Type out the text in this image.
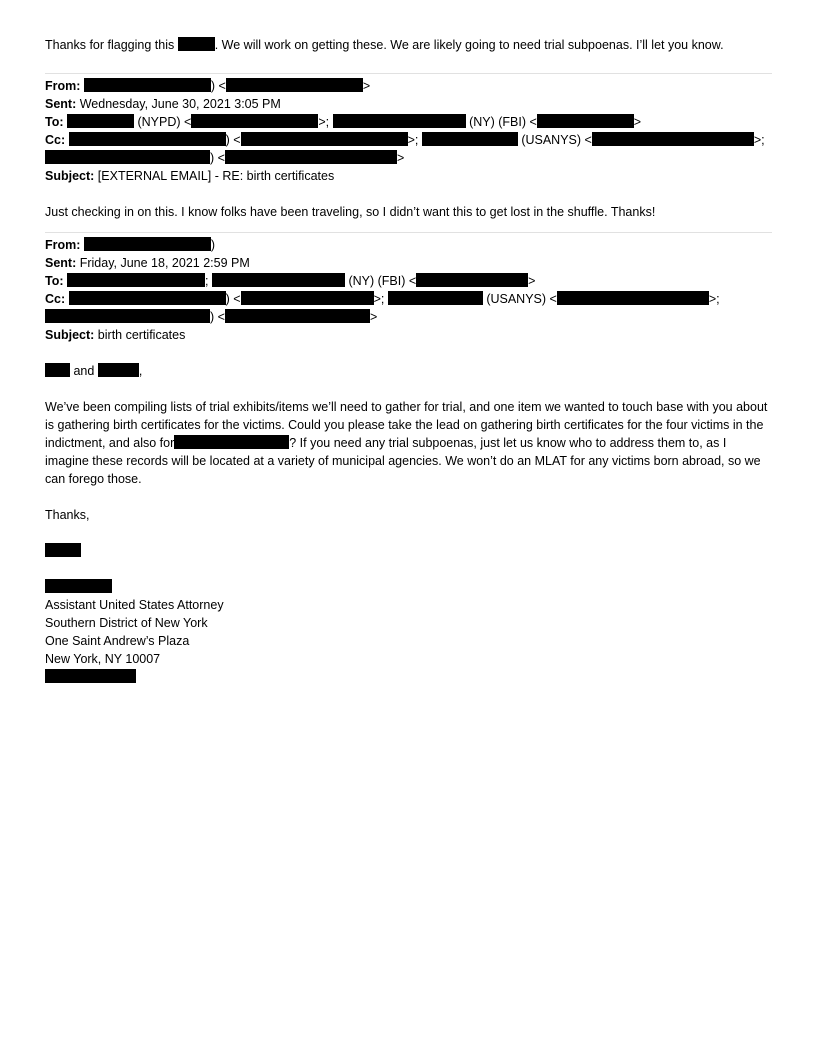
Thanks for flagging this	. We will work on getting these. We are likely going to need trial subpoenas. I’ll let you know.
From:	) <	>
Sent: Wednesday, June 30, 2021 3:05 PM
To:	(NYPD) <	>;	(NY) (FBI) <	>
Cc:	) <	>;	(USANYS) <	>;
) <	>
Subject: [EXTERNAL EMAIL] - RE: birth certificates
Just checking in on this. I know folks have been traveling, so I didn’t want this to get lost in the shuffle. Thanks!
From:	)
Sent: Friday, June 18, 2021 2:59 PM
To:	;	(NY) (FBI) <	>
Cc:	) <	>;	(USANYS) <	>;
) <	>
Subject: birth certificates
and	,
We’ve been compiling lists of trial exhibits/items we’ll need to gather for trial, and one item we wanted to touch base with you about is gathering birth certificates for the victims. Could you please take the lead on gathering birth certificates for the four victims in the indictment, and also for	? If you need any trial subpoenas, just let us know who to address them to, as I imagine these records will be located at a variety of municipal agencies. We won’t do an MLAT for any victims born abroad, so we can forego those.
Thanks,
Assistant United States Attorney
Southern District of New York
One Saint Andrew’s Plaza
New York, NY 10007
